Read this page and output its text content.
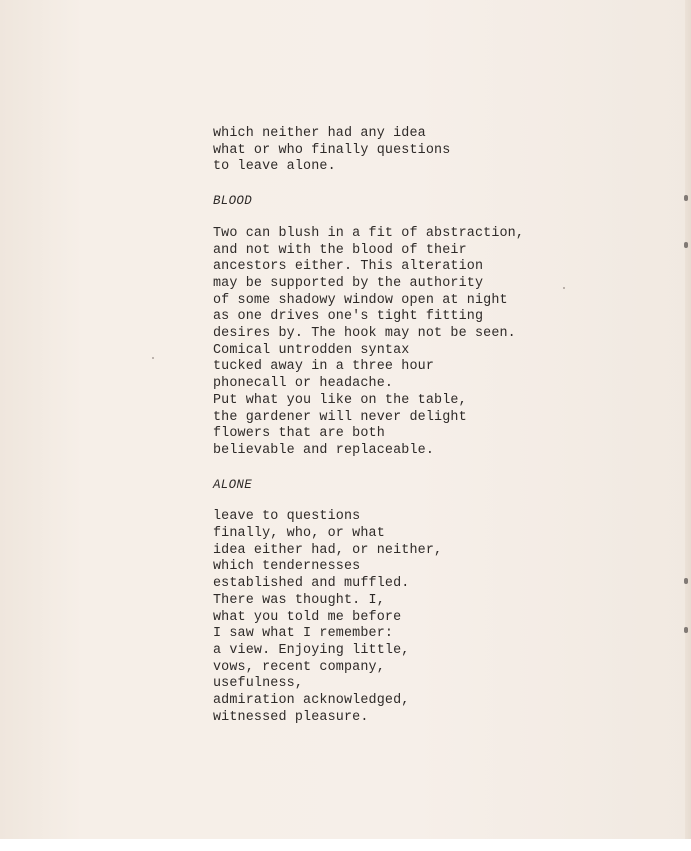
which neither had any idea
what or who finally questions
to leave alone.
BLOOD
Two can blush in a fit of abstraction,
and not with the blood of their
ancestors either. This alteration
may be supported by the authority
of some shadowy window open at night
as one drives one's tight fitting
desires by. The hook may not be seen.
Comical untrodden syntax
tucked away in a three hour
phonecall or headache.
Put what you like on the table,
the gardener will never delight
flowers that are both
believable and replaceable.
ALONE
leave to questions
finally, who, or what
idea either had, or neither,
which tendernesses
established and muffled.
There was thought. I,
what you told me before
I saw what I remember:
a view. Enjoying little,
vows, recent company,
usefulness,
admiration acknowledged,
witnessed pleasure.
